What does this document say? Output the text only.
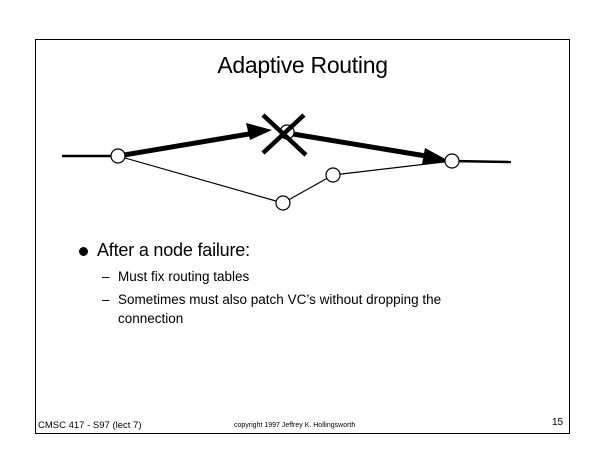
Adaptive Routing
After a node failure:
– Must fix routing tables
– Sometimes must also patch VC’s without dropping the
connection
CMSC 417 - S97 (lect 7)	copyright 1997 Jeffrey K. Hollingsworth	15
